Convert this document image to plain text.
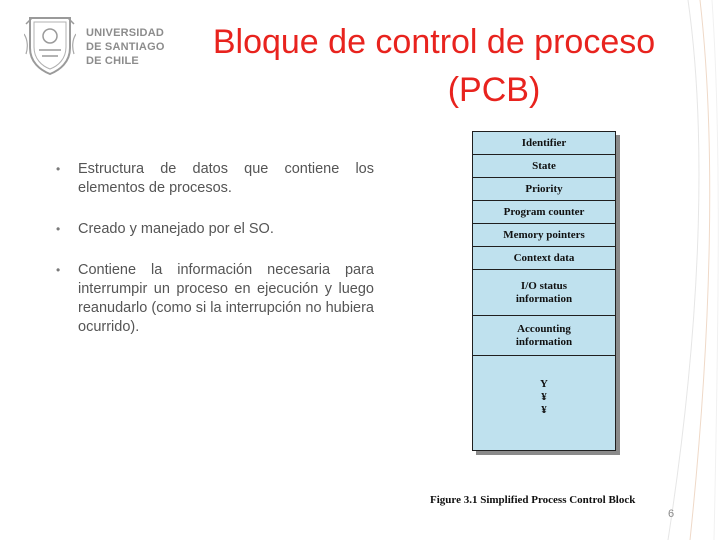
UNIVERSIDAD
DE SANTIAGO
DE CHILE	Bloque de control de proceso
(PCB)
• Estructura de datos que contiene los elementos de procesos.
• Creado y manejado por el SO.
• Contiene la información necesaria para interrumpir un proceso en ejecución y luego reanudarlo (como si la interrupción no hubiera ocurrido).
Identifier
State
Priority
Program counter
Memory pointers
Context data
I/O status information
Accounting information
Y
¥
¥
Figure 3.1 Simplified Process Control Block
6
